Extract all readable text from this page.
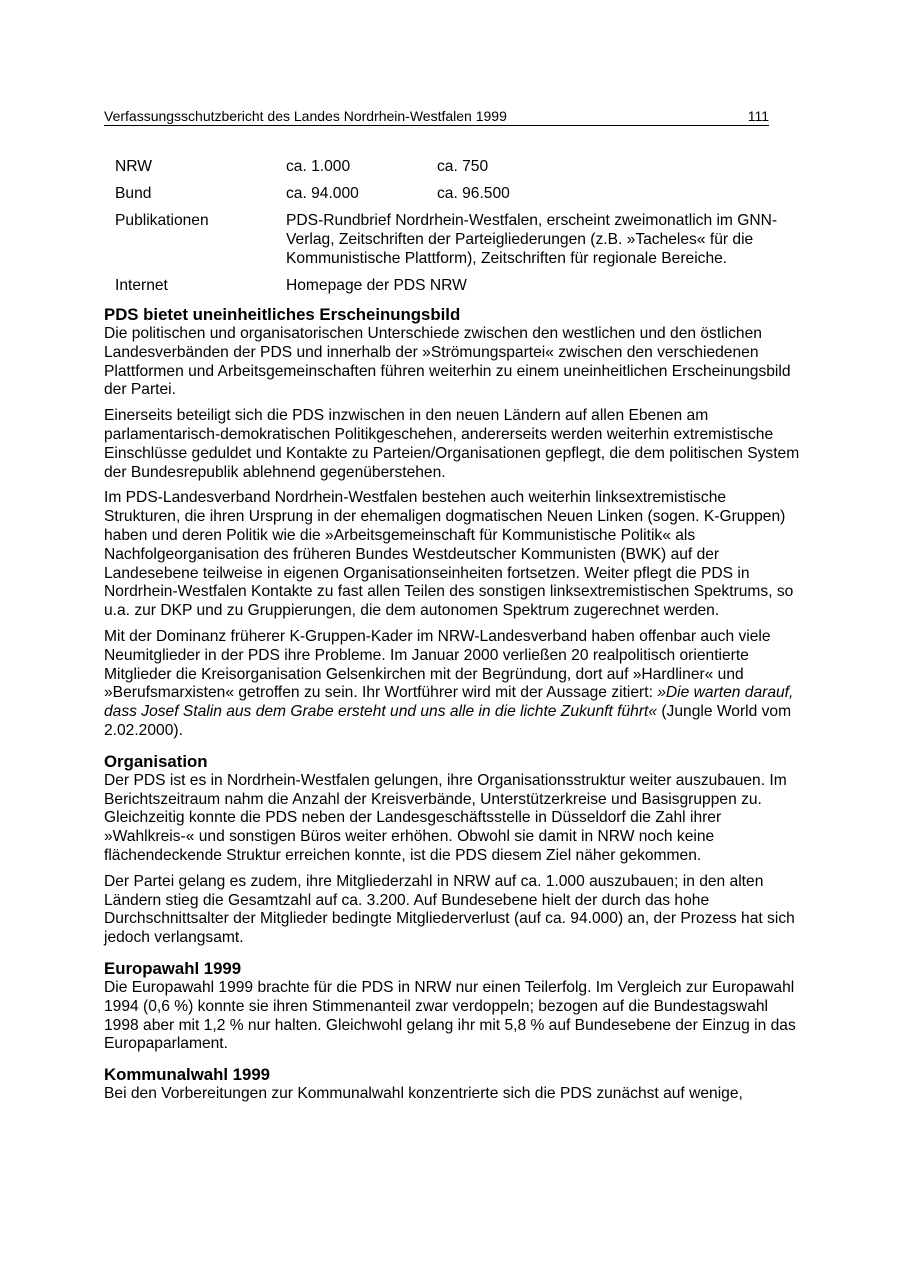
Verfassungsschutzbericht des Landes Nordrhein-Westfalen 1999	111
NRW	ca. 1.000	ca. 750
Bund	ca. 94.000	ca. 96.500
Publikationen	PDS-Rundbrief Nordrhein-Westfalen, erscheint zweimonatlich im GNN-Verlag, Zeitschriften der Parteigliederungen (z.B. »Tacheles« für die Kommunistische Plattform), Zeitschriften für regionale Bereiche.
Internet	Homepage der PDS NRW
PDS bietet uneinheitliches Erscheinungsbild

Die politischen und organisatorischen Unterschiede zwischen den westlichen und den östlichen Landesverbänden der PDS und innerhalb der »Strömungspartei« zwischen den verschiedenen Plattformen und Arbeitsgemeinschaften führen weiterhin zu einem uneinheitlichen Erscheinungsbild der Partei.

Einerseits beteiligt sich die PDS inzwischen in den neuen Ländern auf allen Ebenen am parlamentarisch-demokratischen Politikgeschehen, andererseits werden weiterhin extremistische Einschlüsse geduldet und Kontakte zu Parteien/Organisationen gepflegt, die dem politischen System der Bundesrepublik ablehnend gegenüberstehen.

Im PDS-Landesverband Nordrhein-Westfalen bestehen auch weiterhin linksextremistische Strukturen, die ihren Ursprung in der ehemaligen dogmatischen Neuen Linken (sogen. K-Gruppen) haben und deren Politik wie die »Arbeitsgemeinschaft für Kommunistische Politik« als Nachfolgeorganisation des früheren Bundes Westdeutscher Kommunisten (BWK) auf der Landesebene teilweise in eigenen Organisationseinheiten fortsetzen. Weiter pflegt die PDS in Nordrhein-Westfalen Kontakte zu fast allen Teilen des sonstigen linksextremistischen Spektrums, so u.a. zur DKP und zu Gruppierungen, die dem autonomen Spektrum zugerechnet werden.

Mit der Dominanz früherer K-Gruppen-Kader im NRW-Landesverband haben offenbar auch viele Neumitglieder in der PDS ihre Probleme. Im Januar 2000 verließen 20 realpolitisch orientierte Mitglieder die Kreisorganisation Gelsenkirchen mit der Begründung, dort auf »Hardliner« und »Berufsmarxisten« getroffen zu sein. Ihr Wortführer wird mit der Aussage zitiert: »Die warten darauf, dass Josef Stalin aus dem Grabe ersteht und uns alle in die lichte Zukunft führt« (Jungle World vom 2.02.2000).

Organisation

Der PDS ist es in Nordrhein-Westfalen gelungen, ihre Organisationsstruktur weiter auszubauen. Im Berichtszeitraum nahm die Anzahl der Kreisverbände, Unterstützerkreise und Basisgruppen zu. Gleichzeitig konnte die PDS neben der Landesgeschäftsstelle in Düsseldorf die Zahl ihrer »Wahlkreis-« und sonstigen Büros weiter erhöhen. Obwohl sie damit in NRW noch keine flächendeckende Struktur erreichen konnte, ist die PDS diesem Ziel näher gekommen.

Der Partei gelang es zudem, ihre Mitgliederzahl in NRW auf ca. 1.000 auszubauen; in den alten Ländern stieg die Gesamtzahl auf ca. 3.200. Auf Bundesebene hielt der durch das hohe Durchschnittsalter der Mitglieder bedingte Mitgliederverlust (auf ca. 94.000) an, der Prozess hat sich jedoch verlangsamt.

Europawahl 1999

Die Europawahl 1999 brachte für die PDS in NRW nur einen Teilerfolg. Im Vergleich zur Europawahl 1994 (0,6 %) konnte sie ihren Stimmenanteil zwar verdoppeln; bezogen auf die Bundestagswahl 1998 aber mit 1,2 % nur halten. Gleichwohl gelang ihr mit 5,8 % auf Bundesebene der Einzug in das Europaparlament.

Kommunalwahl 1999

Bei den Vorbereitungen zur Kommunalwahl konzentrierte sich die PDS zunächst auf wenige,
